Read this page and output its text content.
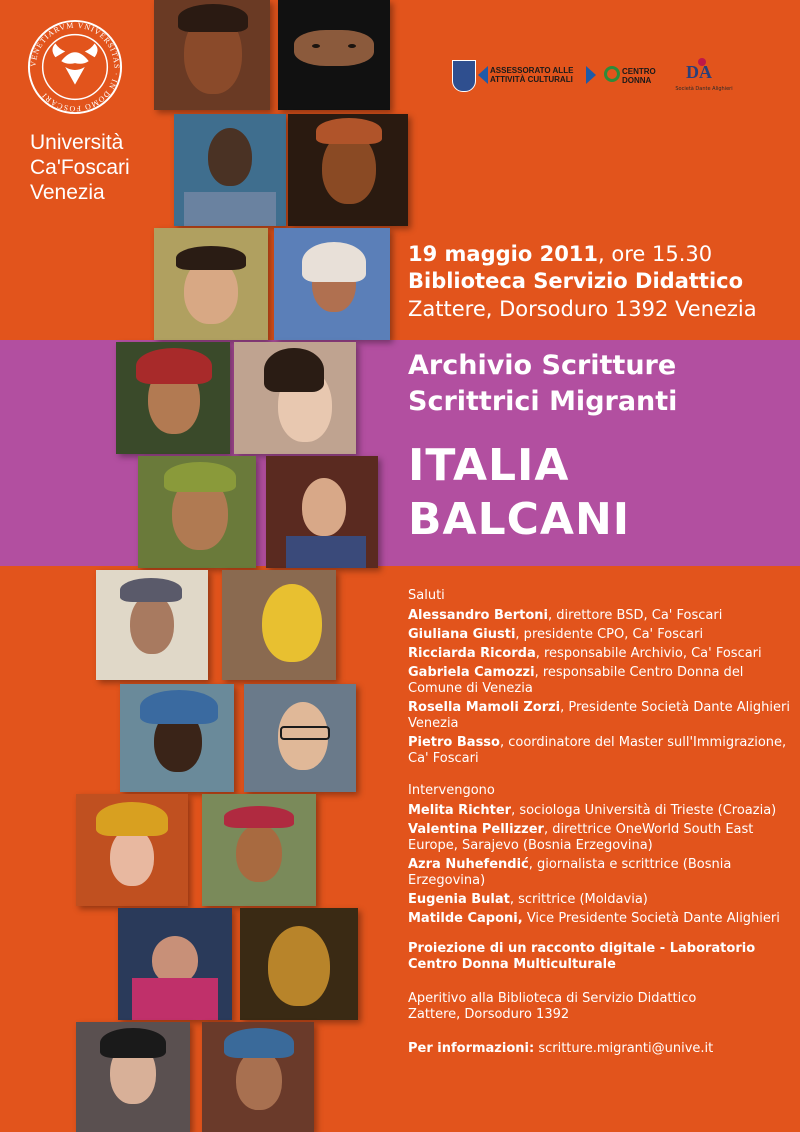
VENETIARVM VNIVERSITAS · IN DOMO FOSCARI
Università
Ca'Foscari
Venezia
ASSESSORATO ALLE
ATTIVITÀ CULTURALI
CENTRO
DONNA DA
Società Dante Alighieri
19 maggio 2011, ore 15.30
Biblioteca Servizio Didattico
Zattere, Dorsoduro 1392 Venezia
Archivio Scritture
Scrittrici Migranti
ITALIA
BALCANI
Saluti
Alessandro Bertoni, direttore BSD, Ca' Foscari
Giuliana Giusti, presidente CPO, Ca' Foscari
Ricciarda Ricorda, responsabile Archivio, Ca' Foscari
Gabriela Camozzi, responsabile Centro Donna del Comune di Venezia
Rosella Mamoli Zorzi, Presidente Società Dante Alighieri Venezia
Pietro Basso, coordinatore del Master sull'Immigrazione, Ca' Foscari
Intervengono
Melita Richter, sociologa Università di Trieste (Croazia)
Valentina Pellizzer, direttrice OneWorld South East Europe, Sarajevo (Bosnia Erzegovina)
Azra Nuhefendić, giornalista e scrittrice (Bosnia Erzegovina)
Eugenia Bulat, scrittrice (Moldavia)
Matilde Caponi, Vice Presidente Società Dante Alighieri
Proiezione di un racconto digitale - Laboratorio Centro Donna Multiculturale
Aperitivo alla Biblioteca di Servizio Didattico
Zattere, Dorsoduro 1392
Per informazioni: scritture.migranti@unive.it
